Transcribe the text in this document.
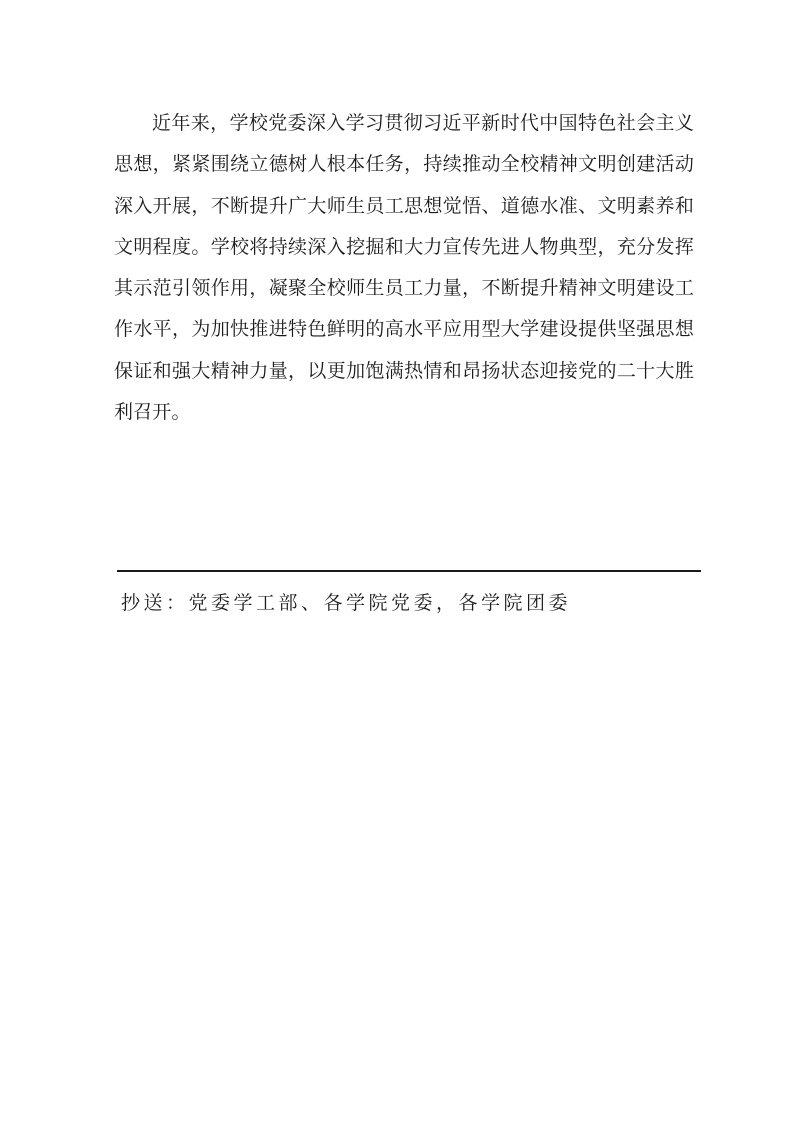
近年来，学校党委深入学习贯彻习近平新时代中国特色社会主义思想，紧紧围绕立德树人根本任务，持续推动全校精神文明创建活动深入开展，不断提升广大师生员工思想觉悟、道德水准、文明素养和文明程度。学校将持续深入挖掘和大力宣传先进人物典型，充分发挥其示范引领作用，凝聚全校师生员工力量，不断提升精神文明建设工作水平，为加快推进特色鲜明的高水平应用型大学建设提供坚强思想保证和强大精神力量，以更加饱满热情和昂扬状态迎接党的二十大胜利召开。

抄送：党委学工部、各学院党委，各学院团委
